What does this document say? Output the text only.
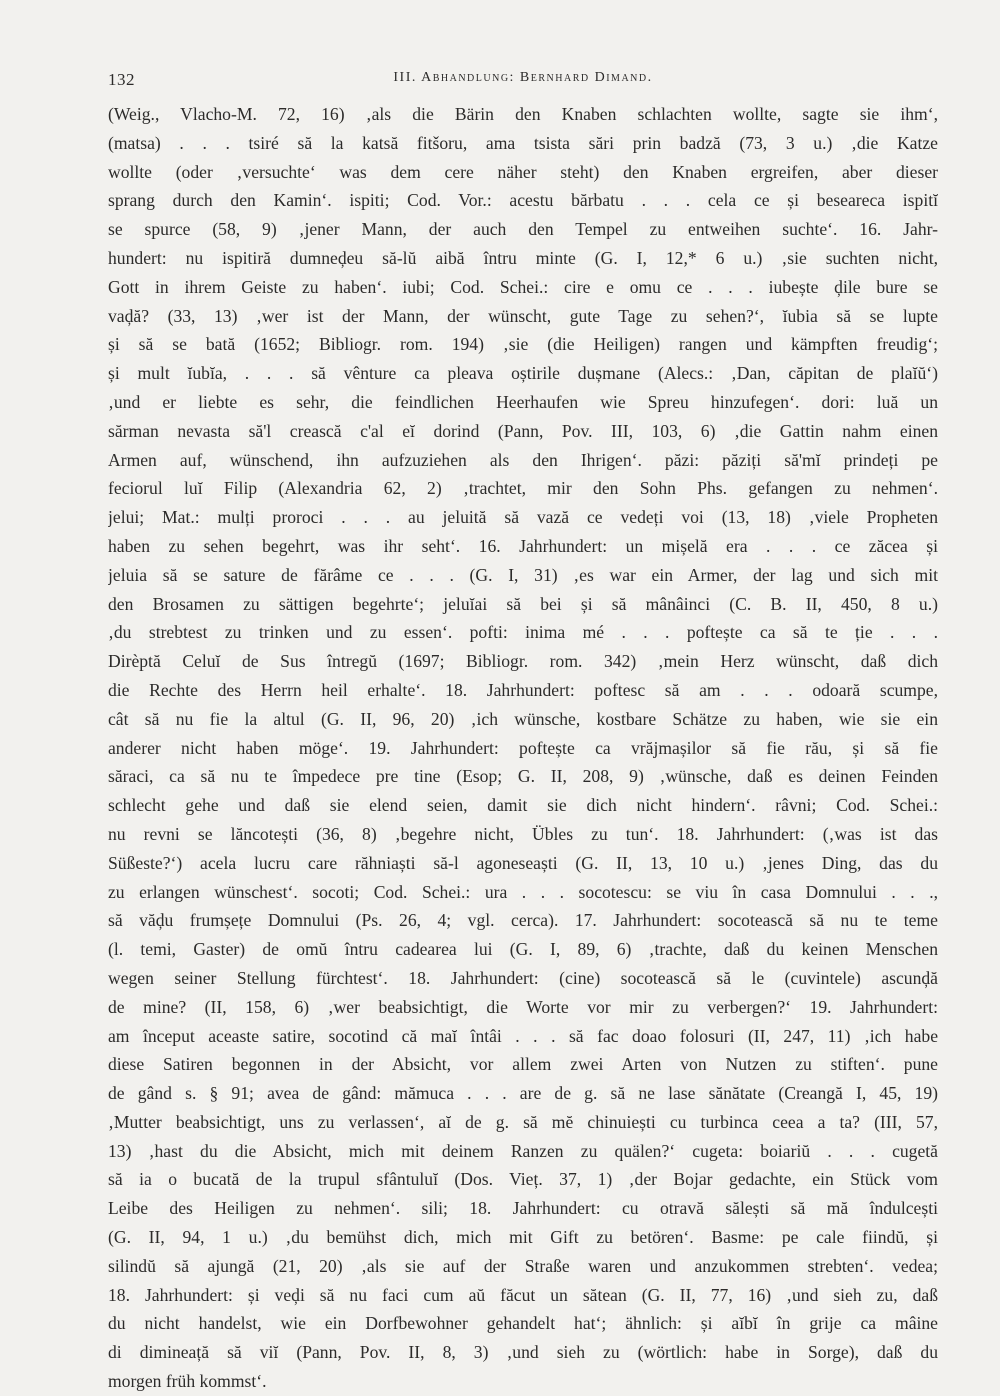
132	III. Abhandlung: Bernhard Dimand.
(Weig., Vlacho-M. 72, 16) ‚als die Bärin den Knaben schlachten wollte, sagte sie ihm‘,
(matsa) . . . tsiré să la katsă fitšoru, ama tsista sări prin badză (73, 3 u.) ‚die Katze
wollte (oder ‚versuchte‘ was dem cere näher steht) den Knaben ergreifen, aber dieser
sprang durch den Kamin‘. ispiti; Cod. Vor.: acestu bărbatu . . . cela ce și beseareca ispitĭ
se spurce (58, 9) ‚jener Mann, der auch den Tempel zu entweihen suchte‘. 16. Jahr-
hundert: nu ispitiră dumneḑeu să-lŭ aibă întru minte (G. I, 12,* 6 u.) ‚sie suchten nicht,
Gott in ihrem Geiste zu haben‘. iubi; Cod. Schei.: cire e omu ce . . . iubește ḑile bure se
vaḑă? (33, 13) ‚wer ist der Mann, der wünscht, gute Tage zu sehen?‘, ĭubia să se lupte
și să se bată (1652; Bibliogr. rom. 194) ‚sie (die Heiligen) rangen und kämpften freudig‘;
și mult ĭubĭa, . . . să vênture ca pleava oștirile dușmane (Alecs.: ‚Dan, căpitan de plaĭŭ‘)
‚und er liebte es sehr, die feindlichen Heerhaufen wie Spreu hinzufegen‘. dori: luă un
sărman nevasta să'l crească c'al eĭ dorind (Pann, Pov. III, 103, 6) ‚die Gattin nahm einen
Armen auf, wünschend, ihn aufzuziehen als den Ihrigen‘. păzi: păziți să'mĭ prindeți pe
feciorul luĭ Filip (Alexandria 62, 2) ‚trachtet, mir den Sohn Phs. gefangen zu nehmen‘.
jelui; Mat.: mulți proroci . . . au jeluită să vază ce vedeți voi (13, 18) ‚viele Propheten
haben zu sehen begehrt, was ihr seht‘. 16. Jahrhundert: un mișelă era . . . ce zăcea și
jeluia să se sature de fărâme ce . . . (G. I, 31) ‚es war ein Armer, der lag und sich mit
den Brosamen zu sättigen begehrte‘; jeluĭai să bei și să mânâinci (C. B. II, 450, 8 u.)
‚du strebtest zu trinken und zu essen‘. pofti: inima mé . . . poftește ca să te ție . . .
Dirèptă Celuĭ de Sus întregŭ (1697; Bibliogr. rom. 342) ‚mein Herz wünscht, daß dich
die Rechte des Herrn heil erhalte‘. 18. Jahrhundert: poftesc să am . . . odoară scumpe,
cât să nu fie la altul (G. II, 96, 20) ‚ich wünsche, kostbare Schätze zu haben, wie sie ein
anderer nicht haben möge‘. 19. Jahrhundert: poftește ca vrăjmașilor să fie rău, și să fie
săraci, ca să nu te împedece pre tine (Esop; G. II, 208, 9) ‚wünsche, daß es deinen Feinden
schlecht gehe und daß sie elend seien, damit sie dich nicht hindern‘. râvni; Cod. Schei.:
nu revni se lăncotești (36, 8) ‚begehre nicht, Übles zu tun‘. 18. Jahrhundert: (‚was ist das
Süßeste?‘) acela lucru care răhniaști să-l agoneseaști (G. II, 13, 10 u.) ‚jenes Ding, das du
zu erlangen wünschest‘. socoti; Cod. Schei.: ura . . . socotescu: se viu în casa Domnului . . .,
să văḑu frumșețe Domnului (Ps. 26, 4; vgl. cerca). 17. Jahrhundert: socotească să nu te teme
(l. temi, Gaster) de omŭ întru cadearea lui (G. I, 89, 6) ‚trachte, daß du keinen Menschen
wegen seiner Stellung fürchtest‘. 18. Jahrhundert: (cine) socotească să le (cuvintele) ascunḑă
de mine? (II, 158, 6) ‚wer beabsichtigt, die Worte vor mir zu verbergen?‘ 19. Jahrhundert:
am început aceaste satire, socotind că maĭ întâi . . . să fac doao folosuri (II, 247, 11) ‚ich habe
diese Satiren begonnen in der Absicht, vor allem zwei Arten von Nutzen zu stiften‘. pune
de gând s. § 91; avea de gând: mămuca . . . are de g. să ne lase sănătate (Creangă I, 45, 19)
‚Mutter beabsichtigt, uns zu verlassen‘, aĭ de g. să mĕ chinuiești cu turbinca ceea a ta? (III, 57,
13) ‚hast du die Absicht, mich mit deinem Ranzen zu quälen?‘ cugeta: boiariŭ . . . cugetă
să ia o bucată de la trupul sfântuluĭ (Dos. Vieț. 37, 1) ‚der Bojar gedachte, ein Stück vom
Leibe des Heiligen zu nehmen‘. sili; 18. Jahrhundert: cu otravă sălești să mă îndulcești
(G. II, 94, 1 u.) ‚du bemühst dich, mich mit Gift zu betören‘. Basme: pe cale fiindŭ, și
silindŭ să ajungă (21, 20) ‚als sie auf der Straße waren und anzukommen strebten‘. vedea;
18. Jahrhundert: și veḑi să nu faci cum aŭ făcut un sătean (G. II, 77, 16) ‚und sieh zu, daß
du nicht handelst, wie ein Dorfbewohner gehandelt hat‘; ähnlich: și aĭbĭ în grije ca mâine
di dimineață să viĭ (Pann, Pov. II, 8, 3) ‚und sieh zu (wörtlich: habe in Sorge), daß du
morgen früh kommst‘.
